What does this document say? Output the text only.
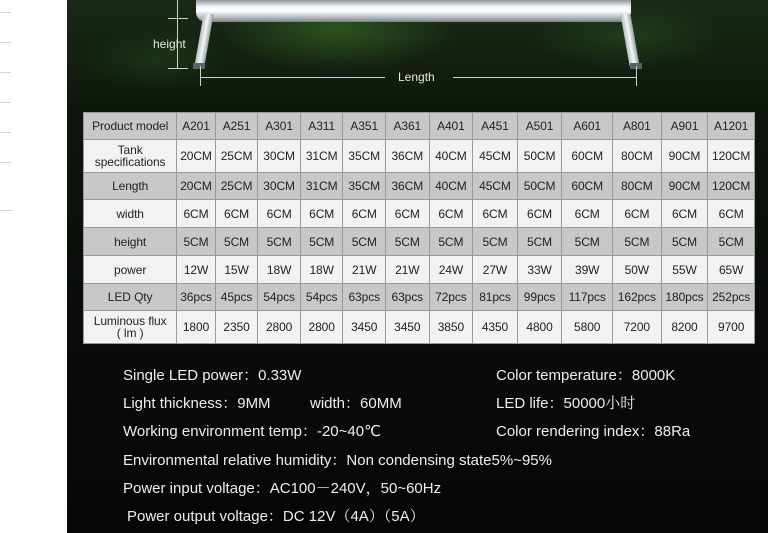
height
Length
Product model	A201	A251	A301	A311	A351	A361	A401	A451	A501	A601	A801	A901	A1201
Tank specifications	20CM	25CM	30CM	31CM	35CM	36CM	40CM	45CM	50CM	60CM	80CM	90CM	120CM
Length	20CM	25CM	30CM	31CM	35CM	36CM	40CM	45CM	50CM	60CM	80CM	90CM	120CM
width	6CM	6CM	6CM	6CM	6CM	6CM	6CM	6CM	6CM	6CM	6CM	6CM	6CM
height	5CM	5CM	5CM	5CM	5CM	5CM	5CM	5CM	5CM	5CM	5CM	5CM	5CM
power	12W	15W	18W	18W	21W	21W	24W	27W	33W	39W	50W	55W	65W
LED Qty	36pcs	45pcs	54pcs	54pcs	63pcs	63pcs	72pcs	81pcs	99pcs	117pcs	162pcs	180pcs	252pcs
Luminous flux
( lm )	1800	2350	2800	2800	3450	3450	3850	4350	4800	5800	7200	8200	9700
Single LED power：0.33W	Color temperature：8000K
Light thickness：9MM	width：60MM	LED life：50000小时
Working environment temp：-20~40℃	Color rendering index：88Ra
Environmental relative humidity：Non condensing state5%~95%
Power input voltage：AC100－240V，50~60Hz
Power output voltage：DC 12V（4A）（5A）
